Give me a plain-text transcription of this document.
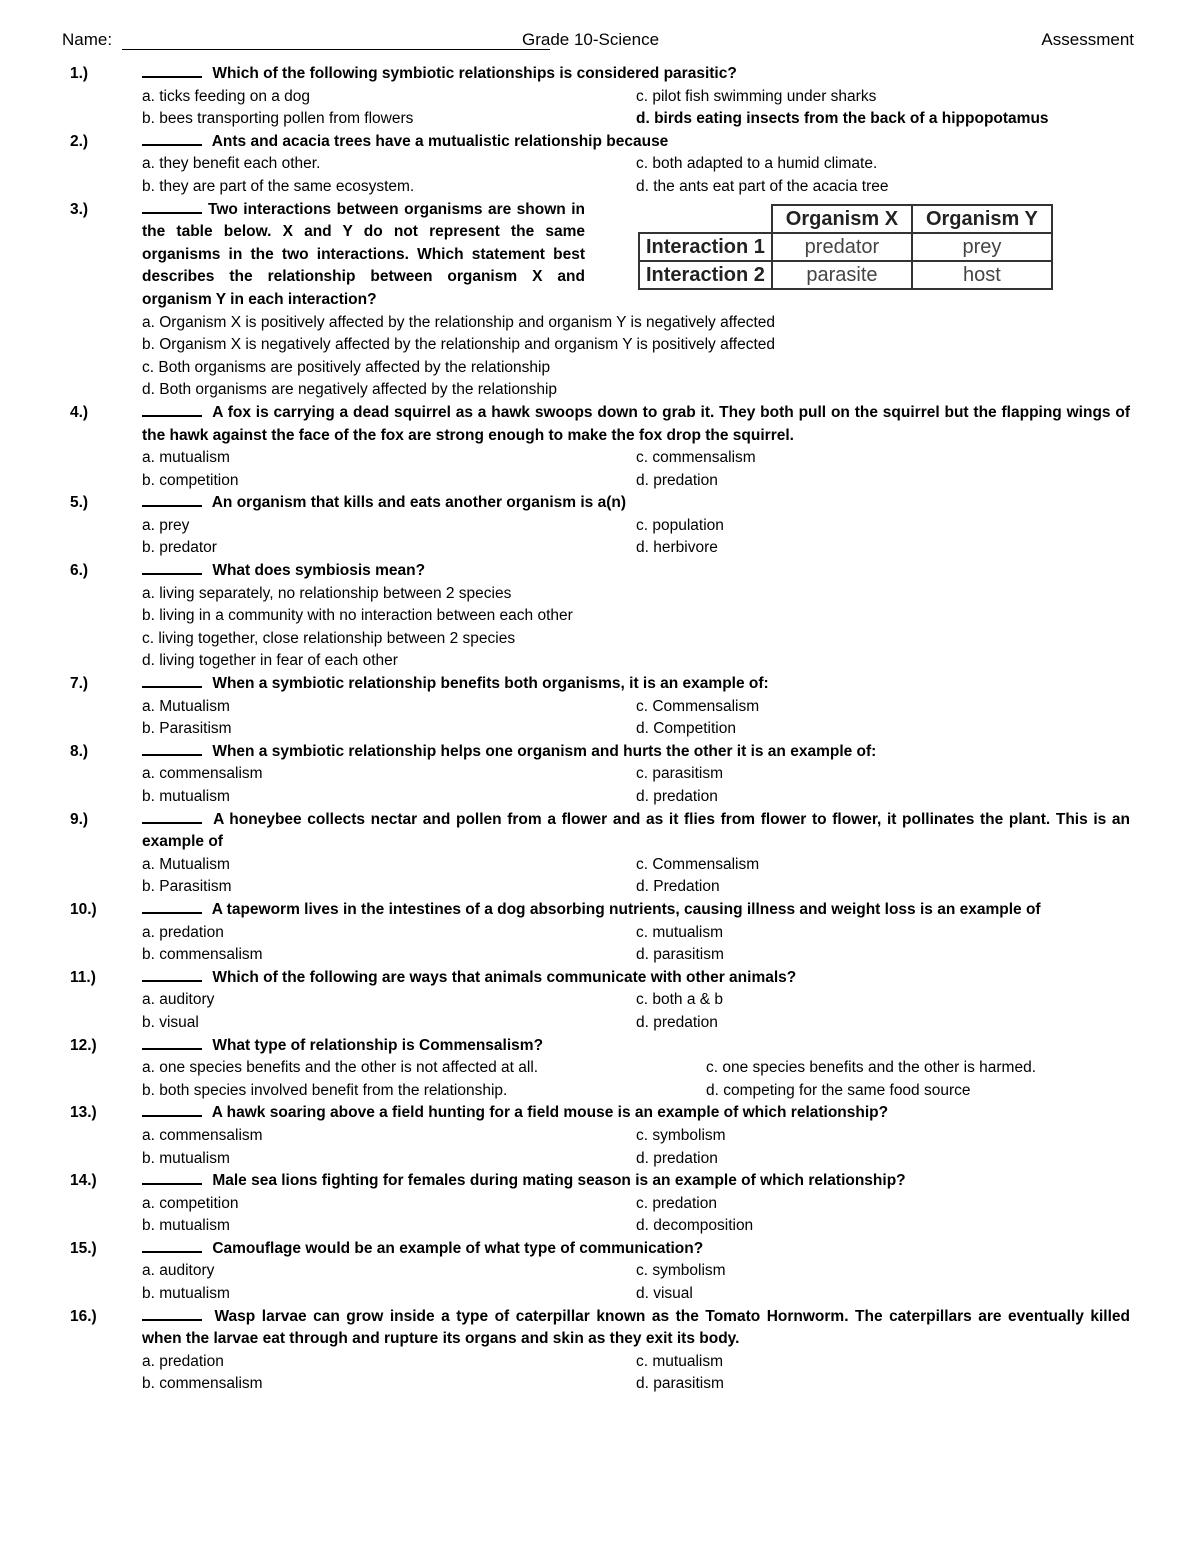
Name:	Grade 10-Science	Assessment
1.)	Which of the following symbiotic relationships is considered parasitic?
a. ticks feeding on a dog	c. pilot fish swimming under sharks
b. bees transporting pollen from flowers	d. birds eating insects from the back of a hippopotamus
2.)	Ants and acacia trees have a mutualistic relationship because
a. they benefit each other.	c. both adapted to a humid climate.
b. they are part of the same ecosystem.	d. the ants eat part of the acacia tree
3.)	Two interactions between organisms are shown in the table below. X and Y do not represent the same organisms in the two interactions. Which statement best describes the relationship between organism X and organism Y in each interaction?
	Organism X	Organism Y
Interaction 1	predator	prey
Interaction 2	parasite	host
a. Organism X is positively affected by the relationship and organism Y is negatively affected
b. Organism X is negatively affected by the relationship and organism Y is positively affected
c. Both organisms are positively affected by the relationship
d. Both organisms are negatively affected by the relationship
4.)	A fox is carrying a dead squirrel as a hawk swoops down to grab it. They both pull on the squirrel but the flapping wings of the hawk against the face of the fox are strong enough to make the fox drop the squirrel.
a. mutualism	c. commensalism
b. competition	d. predation
5.)	An organism that kills and eats another organism is a(n)
a. prey	c. population
b. predator	d. herbivore
6.)	What does symbiosis mean?
a. living separately, no relationship between 2 species
b. living in a community with no interaction between each other
c. living together, close relationship between 2 species
d. living together in fear of each other
7.)	When a symbiotic relationship benefits both organisms, it is an example of:
a. Mutualism	c. Commensalism
b. Parasitism	d. Competition
8.)	When a symbiotic relationship helps one organism and hurts the other it is an example of:
a. commensalism	c. parasitism
b. mutualism	d. predation
9.)	A honeybee collects nectar and pollen from a flower and as it flies from flower to flower, it pollinates the plant. This is an example of
a. Mutualism	c. Commensalism
b. Parasitism	d. Predation
10.)	A tapeworm lives in the intestines of a dog absorbing nutrients, causing illness and weight loss is an example of
a. predation	c. mutualism
b. commensalism	d. parasitism
11.)	Which of the following are ways that animals communicate with other animals?
a. auditory	c. both a & b
b. visual	d. predation
12.)	What type of relationship is Commensalism?
a. one species benefits and the other is not affected at all.	c. one species benefits and the other is harmed.
b. both species involved benefit from the relationship.	d. competing for the same food source
13.)	A hawk soaring above a field hunting for a field mouse is an example of which relationship?
a. commensalism	c. symbolism
b. mutualism	d. predation
14.)	Male sea lions fighting for females during mating season is an example of which relationship?
a. competition	c. predation
b. mutualism	d. decomposition
15.)	Camouflage would be an example of what type of communication?
a. auditory	c. symbolism
b. mutualism	d. visual
16.)	Wasp larvae can grow inside a type of caterpillar known as the Tomato Hornworm. The caterpillars are eventually killed when the larvae eat through and rupture its organs and skin as they exit its body.
a. predation	c. mutualism
b. commensalism	d. parasitism
